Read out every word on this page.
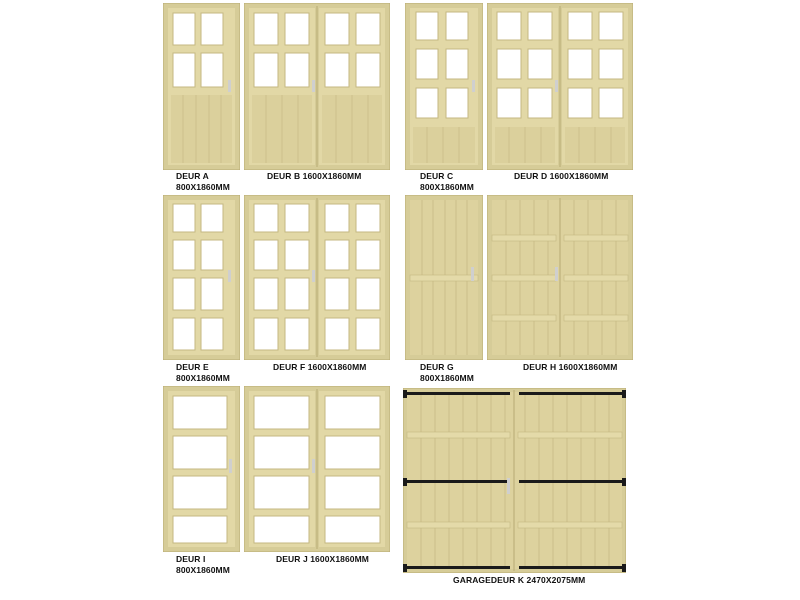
DEUR A
800X1860MM
DEUR B 1600X1860MM	DEUR C
800X1860MM
DEUR D 1600X1860MM
DEUR E
800X1860MM
DEUR F 1600X1860MM	DEUR G
800X1860MM
DEUR H 1600X1860MM
DEUR I
800X1860MM
DEUR J 1600X1860MM
GARAGEDEUR K 2470X2075MM
